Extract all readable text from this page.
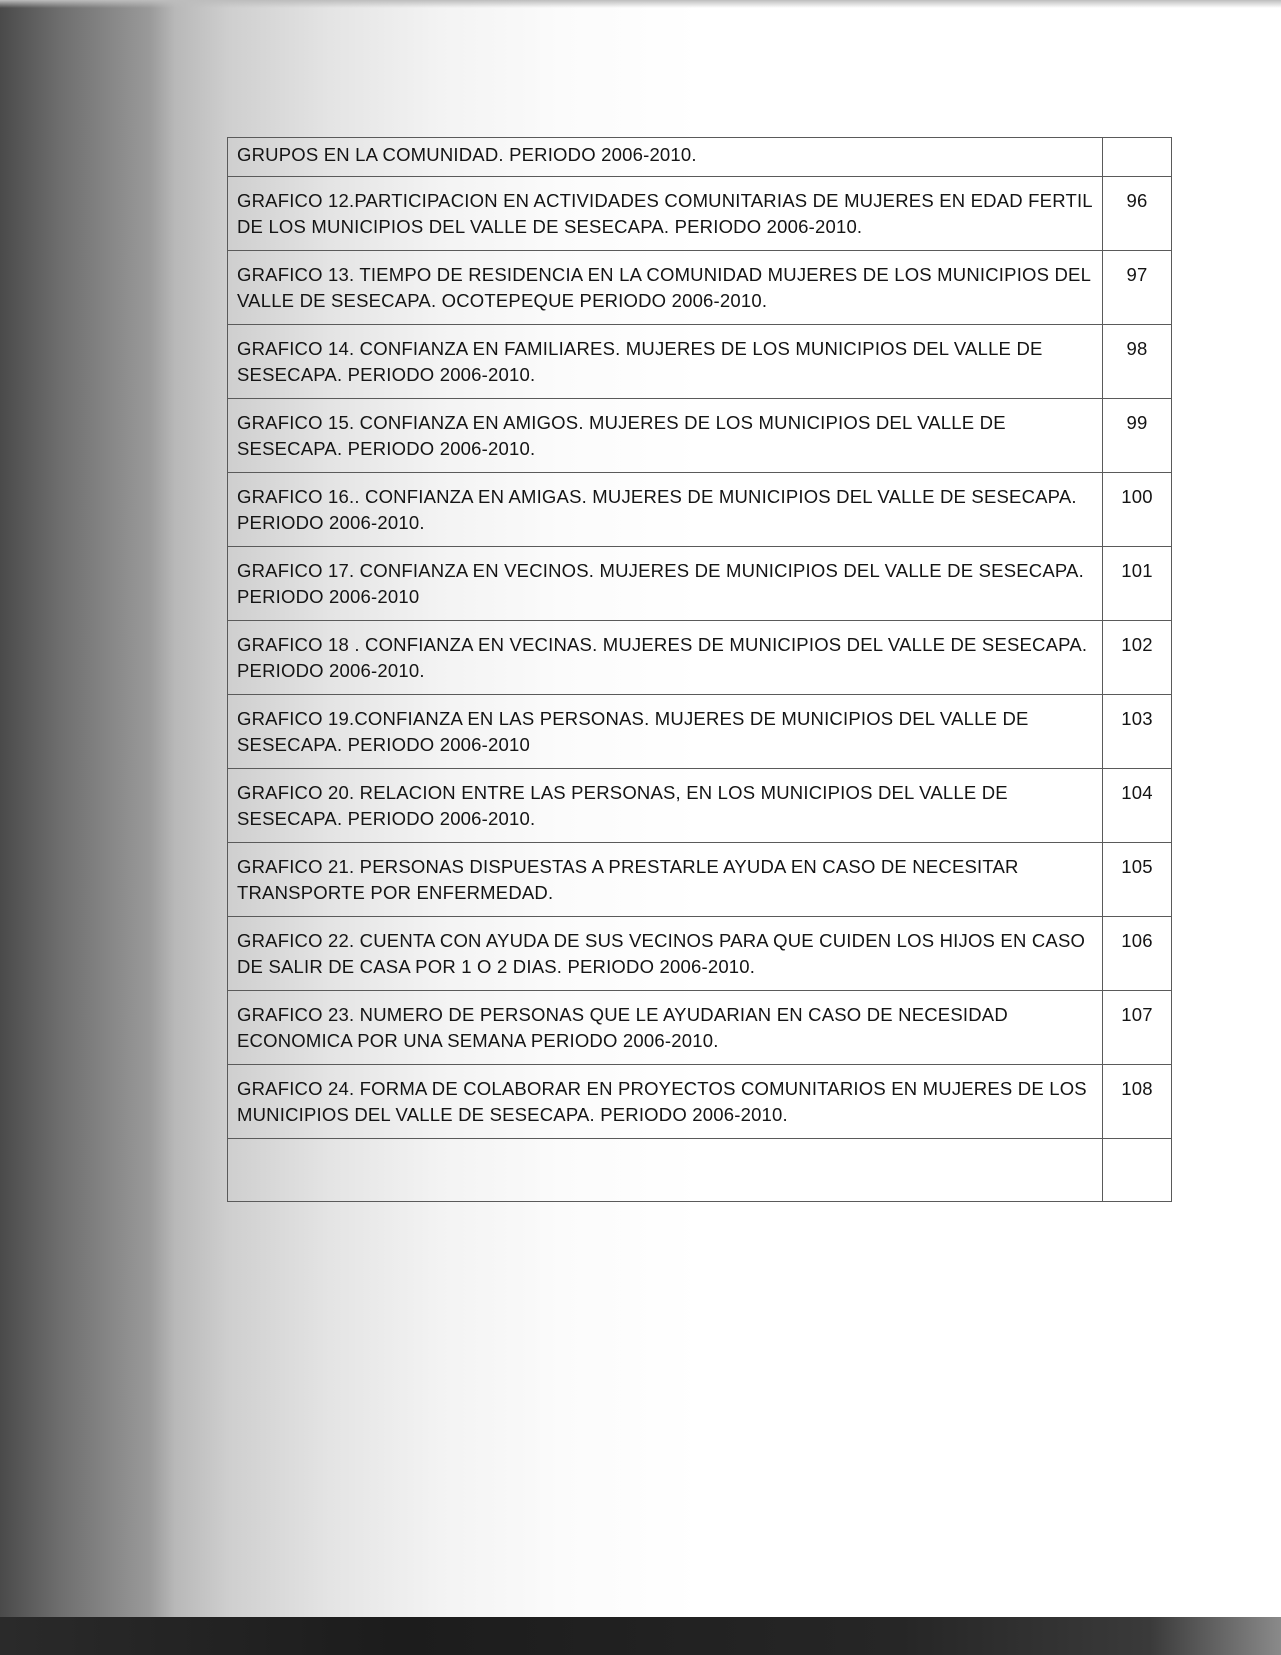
GRUPOS EN LA COMUNIDAD. PERIODO 2006-2010.	
GRAFICO 12.PARTICIPACION EN ACTIVIDADES COMUNITARIAS DE MUJERES EN EDAD FERTIL DE LOS MUNICIPIOS DEL VALLE DE SESECAPA. PERIODO 2006-2010.	96
GRAFICO 13. TIEMPO DE RESIDENCIA EN LA COMUNIDAD MUJERES DE LOS MUNICIPIOS DEL VALLE DE SESECAPA. OCOTEPEQUE PERIODO 2006-2010.	97
GRAFICO 14. CONFIANZA EN FAMILIARES. MUJERES DE LOS MUNICIPIOS DEL VALLE DE SESECAPA. PERIODO 2006-2010.	98
GRAFICO 15. CONFIANZA EN AMIGOS. MUJERES DE LOS MUNICIPIOS DEL VALLE DE SESECAPA. PERIODO 2006-2010.	99
GRAFICO 16.. CONFIANZA EN AMIGAS. MUJERES DE MUNICIPIOS DEL VALLE DE SESECAPA. PERIODO 2006-2010.	100
GRAFICO 17. CONFIANZA EN VECINOS. MUJERES DE MUNICIPIOS DEL VALLE DE SESECAPA. PERIODO 2006-2010	101
GRAFICO 18 . CONFIANZA EN VECINAS. MUJERES DE MUNICIPIOS DEL VALLE DE SESECAPA. PERIODO 2006-2010.	102
GRAFICO 19.CONFIANZA EN LAS PERSONAS. MUJERES DE MUNICIPIOS DEL VALLE DE SESECAPA. PERIODO 2006-2010	103
GRAFICO 20. RELACION ENTRE LAS PERSONAS, EN LOS MUNICIPIOS DEL VALLE DE SESECAPA. PERIODO 2006-2010.	104
GRAFICO 21. PERSONAS DISPUESTAS A PRESTARLE AYUDA EN CASO DE NECESITAR TRANSPORTE POR ENFERMEDAD.	105
GRAFICO 22. CUENTA CON AYUDA DE SUS VECINOS PARA QUE CUIDEN LOS HIJOS EN CASO DE SALIR DE CASA POR 1 O 2 DIAS. PERIODO 2006-2010.	106
GRAFICO 23. NUMERO DE PERSONAS QUE LE AYUDARIAN EN CASO DE NECESIDAD ECONOMICA POR UNA SEMANA PERIODO 2006-2010.	107
GRAFICO 24. FORMA DE COLABORAR EN PROYECTOS COMUNITARIOS EN MUJERES DE LOS MUNICIPIOS DEL VALLE DE SESECAPA. PERIODO 2006-2010.	108
